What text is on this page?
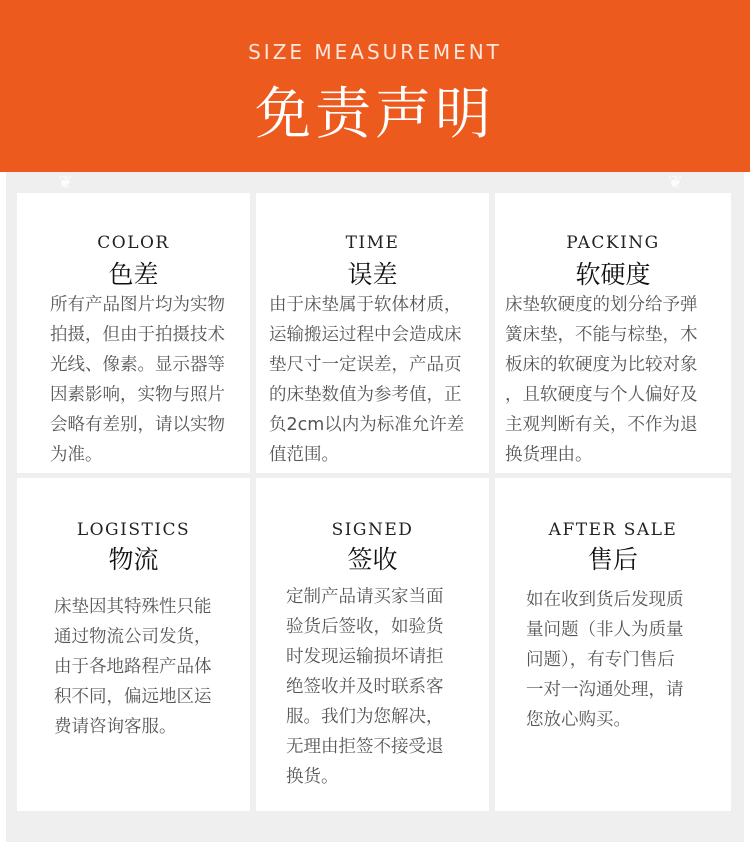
SIZE MEASUREMENT
免责声明
❦	❦
COLOR
色差
所有产品图片均为实物
拍摄，但由于拍摄技术
光线、像素。显示器等
因素影响，实物与照片
会略有差别，请以实物
为准。
TIME
误差
由于床垫属于软体材质，
运输搬运过程中会造成床
垫尺寸一定误差，产品页
的床垫数值为参考值，正
负2cm以内为标准允许差
值范围。
PACKING
软硬度
床垫软硬度的划分给予弹
簧床垫，不能与棕垫，木
板床的软硬度为比较对象
，且软硬度与个人偏好及
主观判断有关，不作为退
换货理由。
LOGISTICS
物流
床垫因其特殊性只能
通过物流公司发货，
由于各地路程产品体
积不同，偏远地区运
费请咨询客服。
SIGNED
签收
定制产品请买家当面
验货后签收，如验货
时发现运输损坏请拒
绝签收并及时联系客
服。我们为您解决，
无理由拒签不接受退
换货。
AFTER SALE
售后
如在收到货后发现质
量问题（非人为质量
问题），有专门售后
一对一沟通处理，请
您放心购买。
